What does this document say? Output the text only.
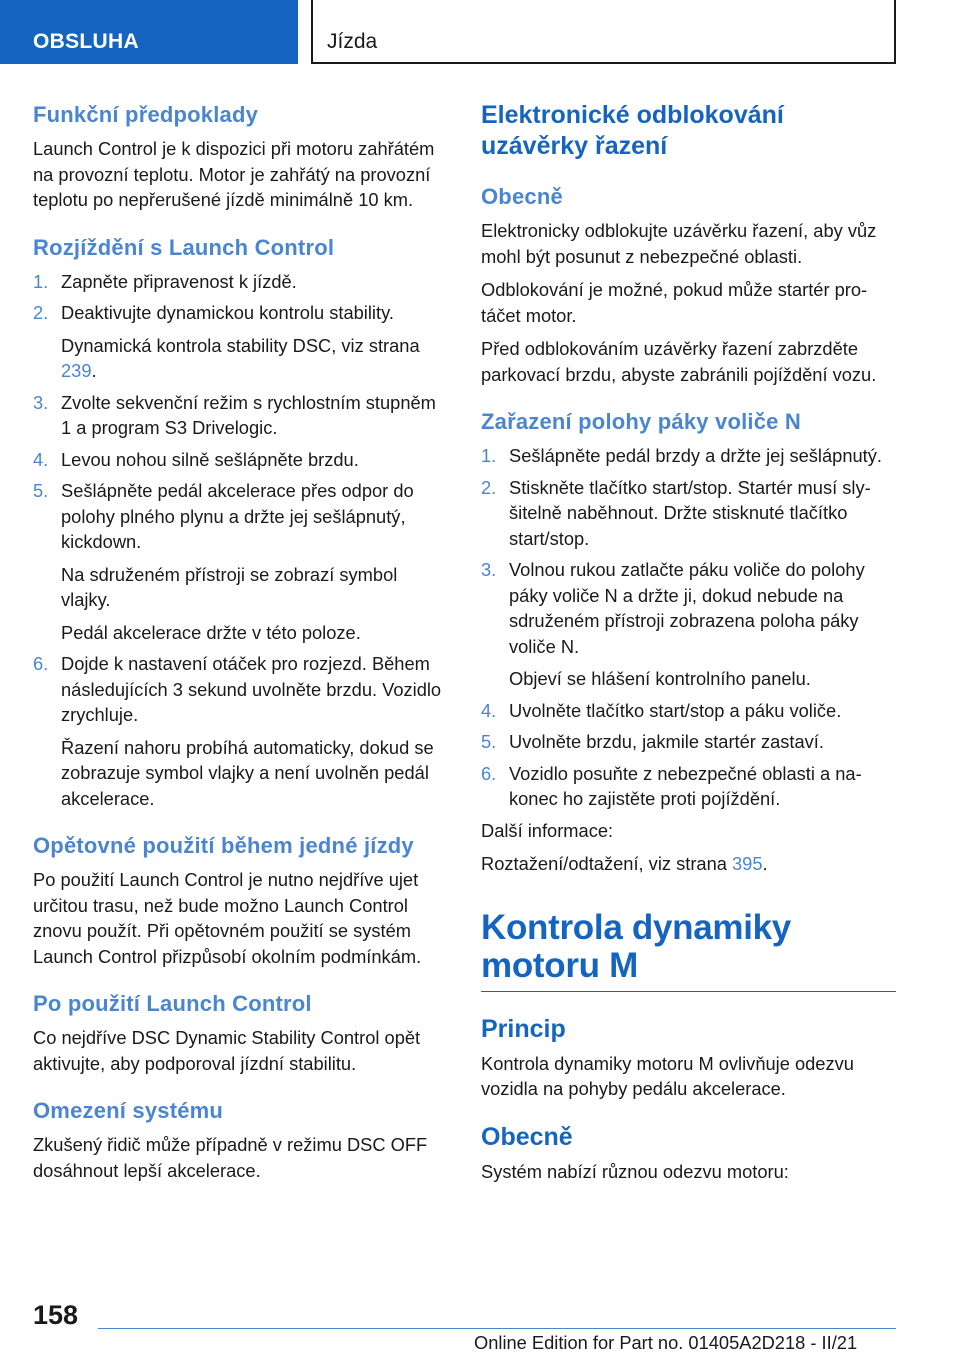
OBSLUHA	Jízda
Funkční předpoklady

Launch Control je k dispozici při motoru zahřátém na provozní teplotu. Motor je zahřátý na provozní teplotu po nepřerušené jízdě minimálně 10 km.

Rozjíždění s Launch Control
1. Zapněte připravenost k jízdě.
2. Deaktivujte dynamickou kontrolu stability.
Dynamická kontrola stability DSC, viz strana 239.
3. Zvolte sekvenční režim s rychlostním stupněm 1 a program S3 Drivelogic.
4. Levou nohou silně sešlápněte brzdu.
5. Sešlápněte pedál akcelerace přes odpor do polohy plného plynu a držte jej sešlápnutý, kickdown.
Na sdruženém přístroji se zobrazí symbol vlajky.
Pedál akcelerace držte v této poloze.
6. Dojde k nastavení otáček pro rozjezd. Během následujících 3 sekund uvolněte brzdu. Vozidlo zrychluje.
Řazení nahoru probíhá automaticky, dokud se zobrazuje symbol vlajky a není uvolněn pedál akcelerace.
Opětovné použití během jedné jízdy

Po použití Launch Control je nutno nejdříve ujet určitou trasu, než bude možno Launch Control znovu použít. Při opětovném použití se systém Launch Control přizpůsobí okolním podmínkám.

Po použití Launch Control

Co nejdříve DSC Dynamic Stability Control opět aktivujte, aby podporoval jízdní stabilitu.

Omezení systému

Zkušený řidič může případně v režimu DSC OFF dosáhnout lepší akcelerace.

Elektronické odblokování uzávěrky řazení
Obecně

Elektronicky odblokujte uzávěrku řazení, aby vůz mohl být posunut z nebezpečné oblasti.

Odblokování je možné, pokud může startér protáčet motor.

Před odblokováním uzávěrky řazení zabrzděte parkovací brzdu, abyste zabránili pojíždění vozu.

Zařazení polohy páky voliče N
1. Sešlápněte pedál brzdy a držte jej sešlápnutý.
2. Stiskněte tlačítko start/stop. Startér musí slyšitelně naběhnout. Držte stisknuté tlačítko start/stop.
3. Volnou rukou zatlačte páku voliče do polohy páky voliče N a držte ji, dokud nebude na sdruženém přístroji zobrazena poloha páky voliče N.
Objeví se hlášení kontrolního panelu.
4. Uvolněte tlačítko start/stop a páku voliče.
5. Uvolněte brzdu, jakmile startér zastaví.
6. Vozidlo posuňte z nebezpečné oblasti a nakonec ho zajistěte proti pojíždění.

Další informace:

Roztažení/odtažení, viz strana 395.

Kontrola dynamiky motoru M
Princip

Kontrola dynamiky motoru M ovlivňuje odezvu vozidla na pohyby pedálu akcelerace.

Obecně

Systém nabízí různou odezvu motoru:

158
Online Edition for Part no. 01405A2D218 - II/21
